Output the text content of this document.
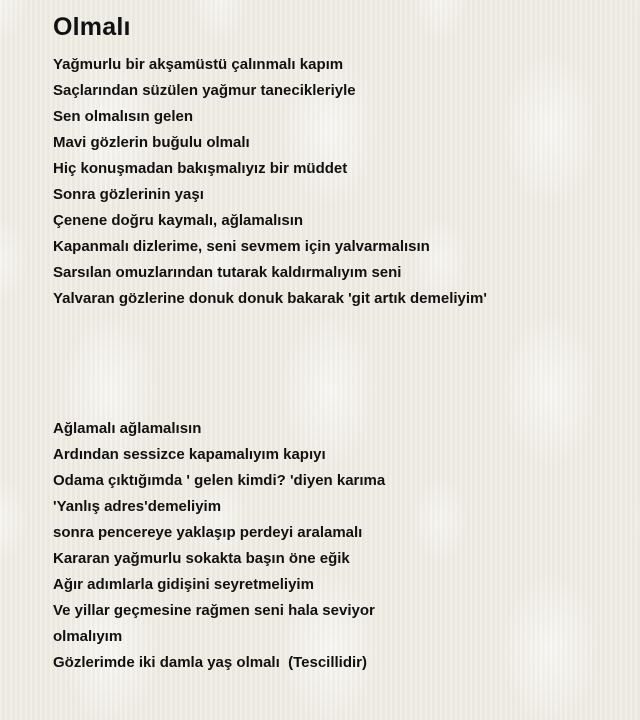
Olmalı

Yağmurlu bir akşamüstü çalınmalı kapım

Saçlarından süzülen yağmur tanecikleriyle

Sen olmalısın gelen

Mavi gözlerin buğulu olmalı

Hiç konuşmadan bakışmalıyız bir müddet

Sonra gözlerinin yaşı

Çenene doğru kaymalı, ağlamalısın

Kapanmalı dizlerime, seni sevmem için yalvarmalısın

Sarsılan omuzlarından tutarak kaldırmalıyım seni

Yalvaran gözlerine donuk donuk bakarak 'git artık demeliyim'

Ağlamalı ağlamalısın

Ardından sessizce kapamalıyım kapıyı

Odama çıktığımda ' gelen kimdi? 'diyen karıma

'Yanlış adres'demeliyim

sonra pencereye yaklaşıp perdeyi aralamalı

Kararan yağmurlu sokakta başın öne eğik

Ağır adımlarla gidişini seyretmeliyim

Ve yillar geçmesine rağmen seni hala seviyor

olmalıyım

Gözlerimde iki damla yaş olmalı  (Tescillidir)
